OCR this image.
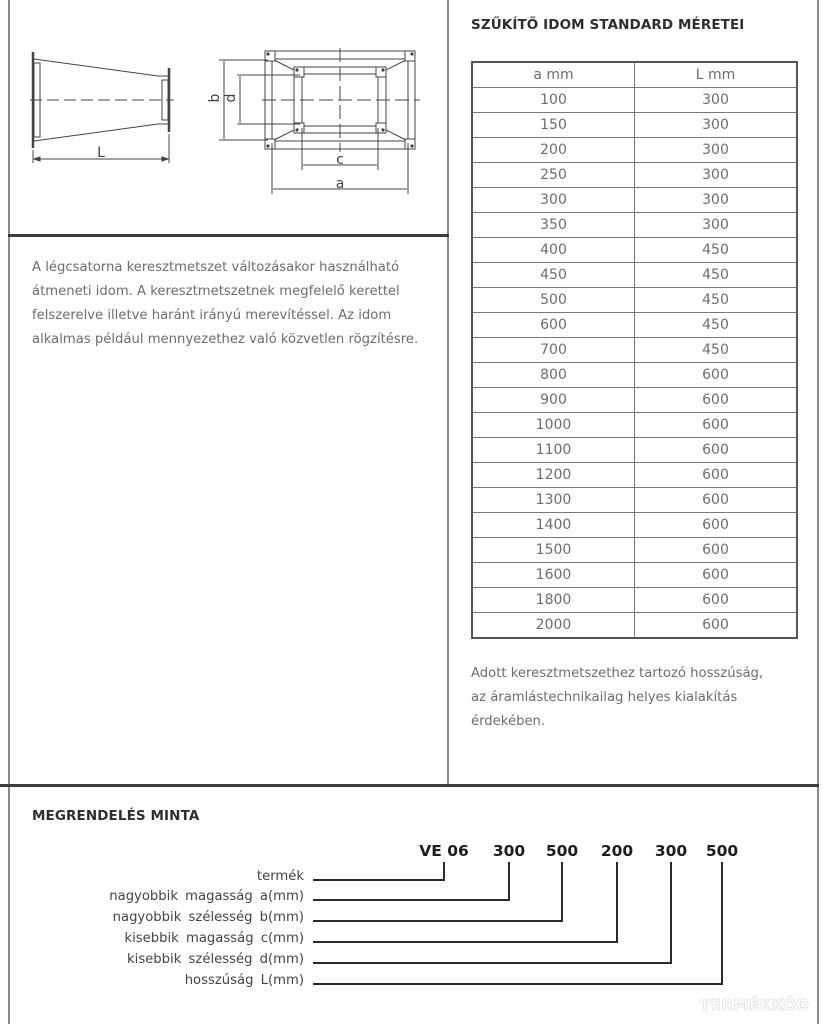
L
b d
c
a
A légcsatorna keresztmetszet változásakor használható
átmeneti idom. A keresztmetszetnek megfelelő kerettel
felszerelve illetve haránt irányú merevítéssel. Az idom
alkalmas például mennyezethez való közvetlen rögzítésre.
SZŰKÍTŐ IDOM STANDARD MÉRETEI
a mm	L mm
100	300
150	300
200	300
250	300
300	300
350	300
400	450
450	450
500	450
600	450
700	450
800	600
900	600
1000	600
1100	600
1200	600
1300	600
1400	600
1500	600
1600	600
1800	600
2000	600
Adott keresztmetszethez tartozó hosszúság,
az áramlástechnikailag helyes kialakítás
érdekében.
MEGRENDELÉS MINTA
VE 06 300 500 200 300 500
termék
nagyobbik magasság a(mm)
nagyobbik szélesség b(mm)
kisebbik magasság c(mm)
kisebbik szélesség d(mm)
hosszúság L(mm)
TERMÉKKÓD
